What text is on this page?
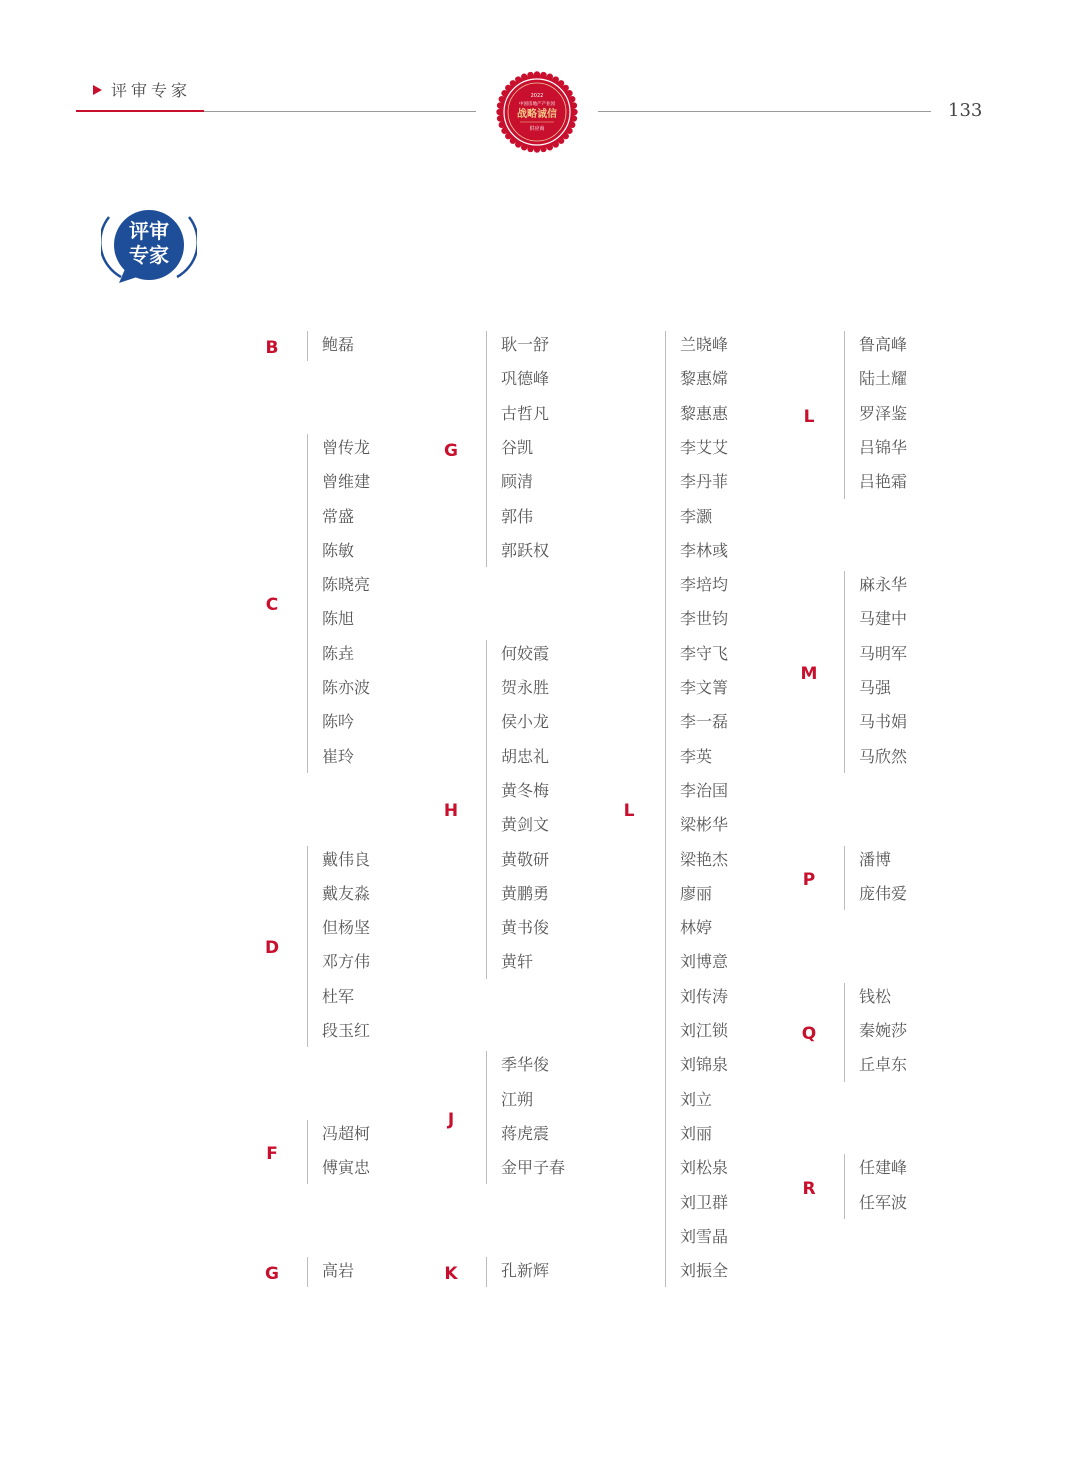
评审专家
133
2022
中国房地产产业园
战略诚信
供应商
评审
专家
B	鲍磊
C
曾传龙
曾维建
常盛
陈敏
陈晓亮
陈旭
陈垚
陈亦波
陈吟
崔玲
D
戴伟良
戴友淼
但杨坚
邓方伟
杜军
段玉红
F
冯超柯
傅寅忠
G	高岩
G
耿一舒
巩德峰
古哲凡
谷凯
顾清
郭伟
郭跃权
H
何姣霞
贺永胜
侯小龙
胡忠礼
黄冬梅
黄剑文
黄敬研
黄鹏勇
黄书俊
黄轩
J
季华俊
江朔
蒋虎震
金甲子春
K	孔新辉
L
兰晓峰
黎惠嫦
黎惠惠
李艾艾
李丹菲
李灏
李林彧
李培均
李世钧
李守飞
李文箐
李一磊
李英
李治国
梁彬华
梁艳杰
廖丽
林婷
刘博意
刘传涛
刘江锁
刘锦泉
刘立
刘丽
刘松泉
刘卫群
刘雪晶
刘振全
L
鲁高峰
陆土耀
罗泽鉴
吕锦华
吕艳霜
M
麻永华
马建中
马明军
马强
马书娟
马欣然
P
潘博
庞伟爱
Q
钱松
秦婉莎
丘卓东
R
任建峰
任军波
